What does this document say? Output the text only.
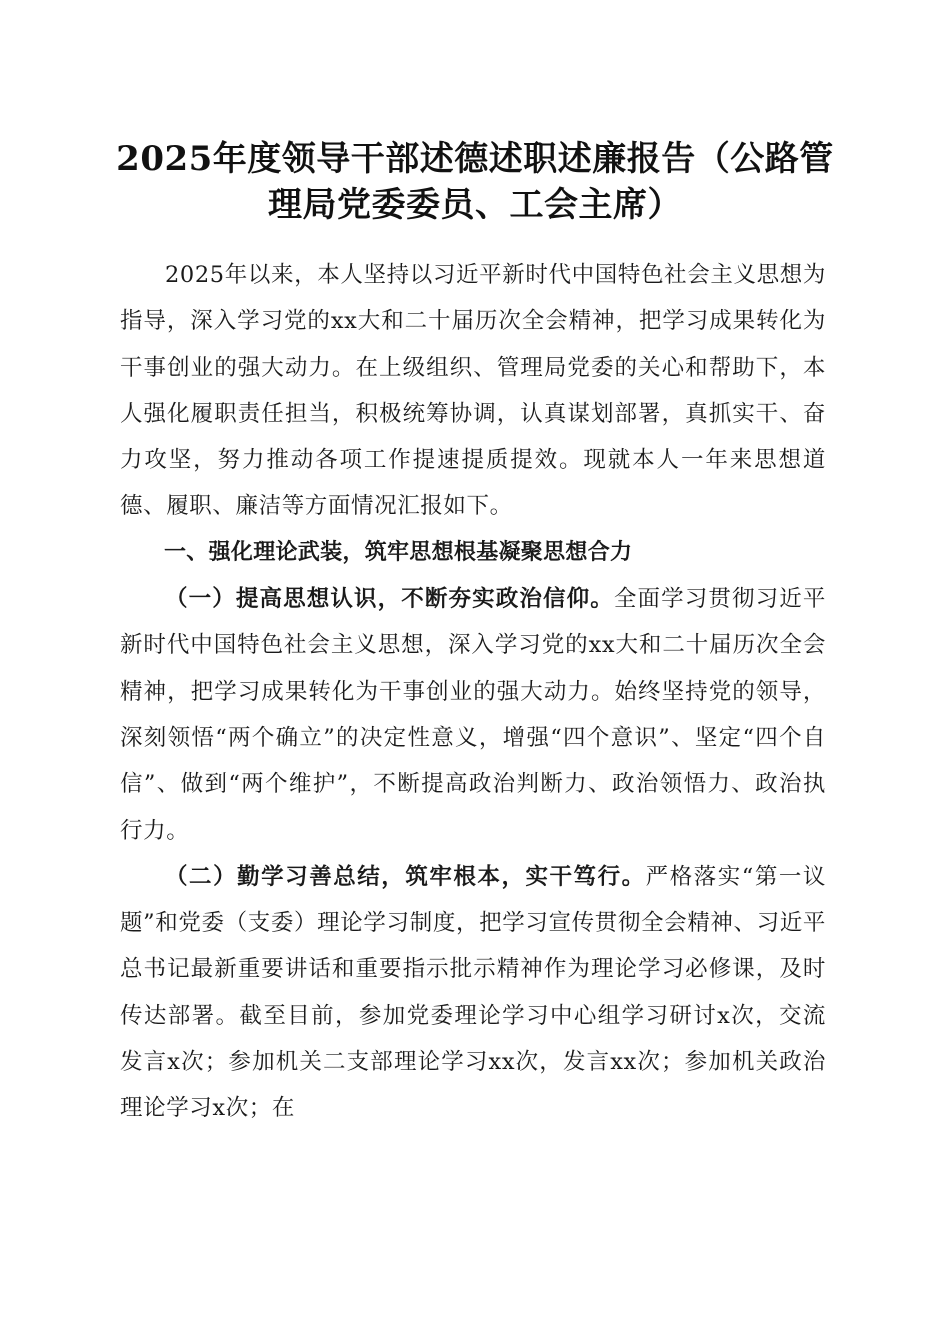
2025年度领导干部述德述职述廉报告（公路管理局党委委员、工会主席）

2025年以来，本人坚持以习近平新时代中国特色社会主义思想为指导，深入学习党的xx大和二十届历次全会精神，把学习成果转化为干事创业的强大动力。在上级组织、管理局党委的关心和帮助下，本人强化履职责任担当，积极统筹协调，认真谋划部署，真抓实干、奋力攻坚，努力推动各项工作提速提质提效。现就本人一年来思想道德、履职、廉洁等方面情况汇报如下。

一、强化理论武装，筑牢思想根基凝聚思想合力

（一）提高思想认识，不断夯实政治信仰。全面学习贯彻习近平新时代中国特色社会主义思想，深入学习党的xx大和二十届历次全会精神，把学习成果转化为干事创业的强大动力。始终坚持党的领导，深刻领悟“两个确立”的决定性意义，增强“四个意识”、坚定“四个自信”、做到“两个维护”，不断提高政治判断力、政治领悟力、政治执行力。

（二）勤学习善总结，筑牢根本，实干笃行。严格落实“第一议题”和党委（支委）理论学习制度，把学习宣传贯彻全会精神、习近平总书记最新重要讲话和重要指示批示精神作为理论学习必修课，及时传达部署。截至目前，参加党委理论学习中心组学习研讨x次，交流发言x次；参加机关二支部理论学习xx次，发言xx次；参加机关政治理论学习x次；在
